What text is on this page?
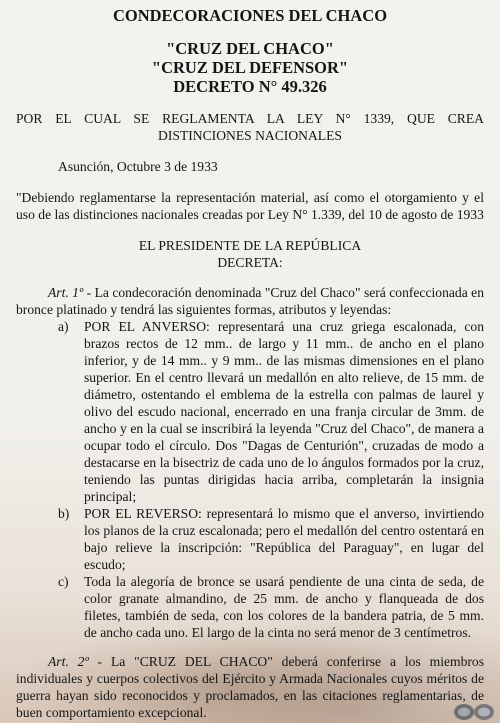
CONDECORACIONES DEL CHACO
"CRUZ DEL CHACO"
"CRUZ DEL DEFENSOR"
DECRETO N° 49.326
POR EL CUAL SE REGLAMENTA LA LEY N° 1339, QUE CREA DISTINCIONES NACIONALES
Asunción, Octubre 3 de 1933
"Debiendo reglamentarse la representación material, así como el otorgamiento y el uso de las distinciones nacionales creadas por Ley N° 1.339, del 10 de agosto de 1933
EL PRESIDENTE DE LA REPÚBLICA
DECRETA:
Art. 1º - La condecoración denominada "Cruz del Chaco" será confeccionada en bronce platinado y tendrá las siguientes formas, atributos y leyendas:
a) POR EL ANVERSO: representará una cruz griega escalonada, con brazos rectos de 12 mm.. de largo y 11 mm.. de ancho en el plano inferior, y de 14 mm.. y 9 mm.. de las mismas dimensiones en el plano superior. En el centro llevará un medallón en alto relieve, de 15 mm. de diámetro, ostentando el emblema de la estrella con palmas de laurel y olivo del escudo nacional, encerrado en una franja circular de 3mm. de ancho y en la cual se inscribirá la leyenda "Cruz del Chaco", de manera a ocupar todo el círculo. Dos "Dagas de Centurión", cruzadas de modo a destacarse en la bisectriz de cada uno de lo ángulos formados por la cruz, teniendo las puntas dirigidas hacia arriba, completarán la insignia principal;
b) POR EL REVERSO: representará lo mismo que el anverso, invirtiendo los planos de la cruz escalonada; pero el medallón del centro ostentará en bajo relieve la inscripción: "República del Paraguay", en lugar del escudo;
c) Toda la alegoría de bronce se usará pendiente de una cinta de seda, de color granate almandino, de 25 mm. de ancho y flanqueada de dos filetes, también de seda, con los colores de la bandera patria, de 5 mm. de ancho cada uno. El largo de la cinta no será menor de 3 centímetros.
Art. 2º - La "CRUZ DEL CHACO" deberá conferirse a los miembros individuales y cuerpos colectivos del Ejército y Armada Nacionales cuyos méritos de guerra hayan sido reconocidos y proclamados, en las citaciones reglamentarias, de buen comportamiento excepcional.
